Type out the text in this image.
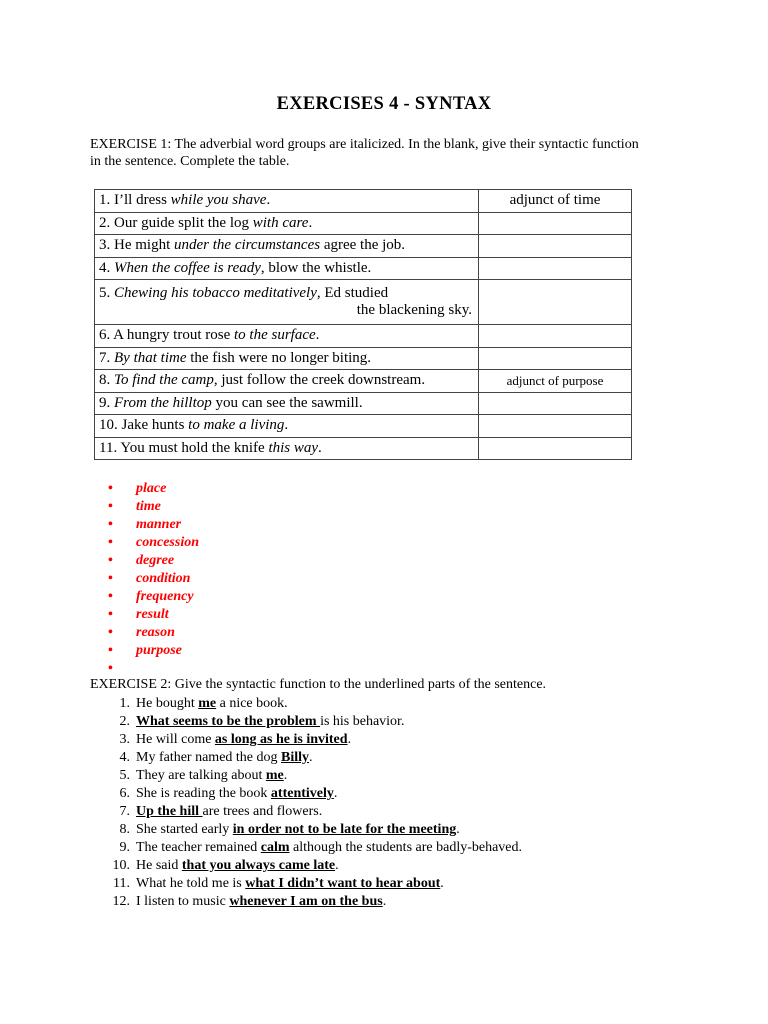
EXERCISES 4 - SYNTAX
EXERCISE 1: The adverbial word groups are italicized. In the blank, give their syntactic function in the sentence. Complete the table.
1. I’ll dress while you shave.	adjunct of time

2. Our guide split the log with care.	

3. He might under the circumstances agree the job.	

4. When the coffee is ready, blow the whistle.	

5. Chewing his tobacco meditatively, Ed studied
the blackening sky.	

6. A hungry trout rose to the surface.	

7. By that time the fish were no longer biting.	

8. To find the camp, just follow the creek downstream.	adjunct of purpose

9. From the hilltop you can see the sawmill.	

10. Jake hunts to make a living.	

11. You must hold the knife this way.	

• place
• time
• manner
• concession
• degree
• condition
• frequency
• result
• reason
• purpose
•
EXERCISE 2: Give the syntactic function to the underlined parts of the sentence.
1. He bought me a nice book.
2. What seems to be the problem is his behavior.
3. He will come as long as he is invited.
4. My father named the dog Billy.
5. They are talking about me.
6. She is reading the book attentively.
7. Up the hill are trees and flowers.
8. She started early in order not to be late for the meeting.
9. The teacher remained calm although the students are badly-behaved.
10. He said that you always came late.
11. What he told me is what I didn’t want to hear about.
12. I listen to music whenever I am on the bus.
